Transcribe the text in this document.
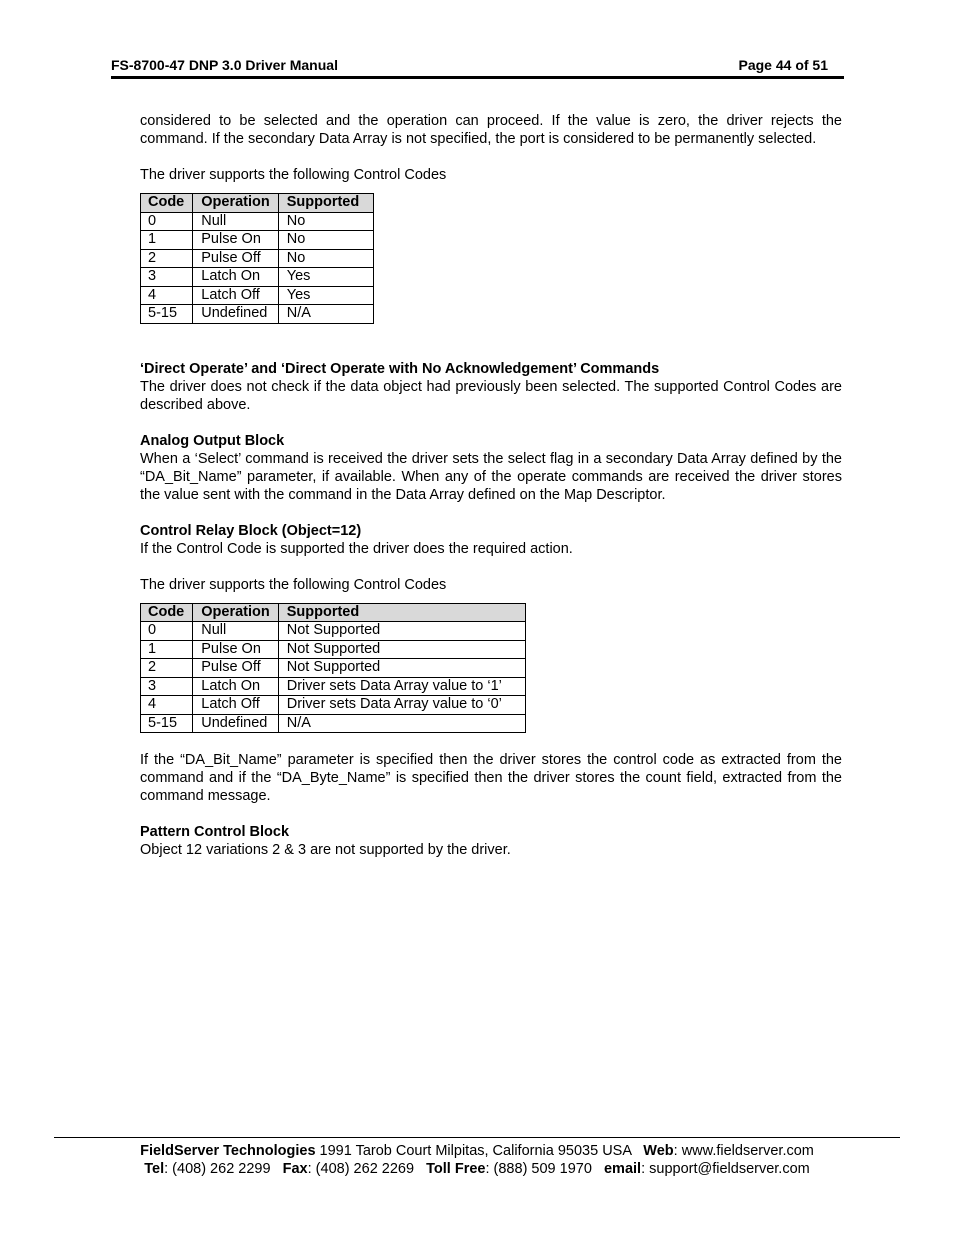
FS-8700-47 DNP 3.0 Driver Manual	Page 44 of 51

considered to be selected and the operation can proceed. If the value is zero, the driver rejects the command. If the secondary Data Array is not specified, the port is considered to be permanently selected.

The driver supports the following Control Codes

Code	Operation	Supported
0	Null	No
1	Pulse On	No
2	Pulse Off	No
3	Latch On	Yes
4	Latch Off	Yes
5-15	Undefined	N/A

‘Direct Operate’ and ‘Direct Operate with No Acknowledgement’ Commands

The driver does not check if the data object had previously been selected. The supported Control Codes are described above.

Analog Output Block

When a ‘Select’ command is received the driver sets the select flag in a secondary Data Array defined by the “DA_Bit_Name” parameter, if available. When any of the operate commands are received the driver stores the value sent with the command in the Data Array defined on the Map Descriptor.

Control Relay Block (Object=12)

If the Control Code is supported the driver does the required action.

The driver supports the following Control Codes

Code	Operation	Supported
0	Null	Not Supported
1	Pulse On	Not Supported
2	Pulse Off	Not Supported
3	Latch On	Driver sets Data Array value to ‘1’
4	Latch Off	Driver sets Data Array value to ‘0’
5-15	Undefined	N/A

If the “DA_Bit_Name” parameter is specified then the driver stores the control code as extracted from the command and if the “DA_Byte_Name” is specified then the driver stores the count field, extracted from the command message.

Pattern Control Block

Object 12 variations 2 & 3 are not supported by the driver.

FieldServer Technologies 1991 Tarob Court Milpitas, California 95035 USA   Web: www.fieldserver.com
Tel: (408) 262 2299   Fax: (408) 262 2269   Toll Free: (888) 509 1970   email: support@fieldserver.com
